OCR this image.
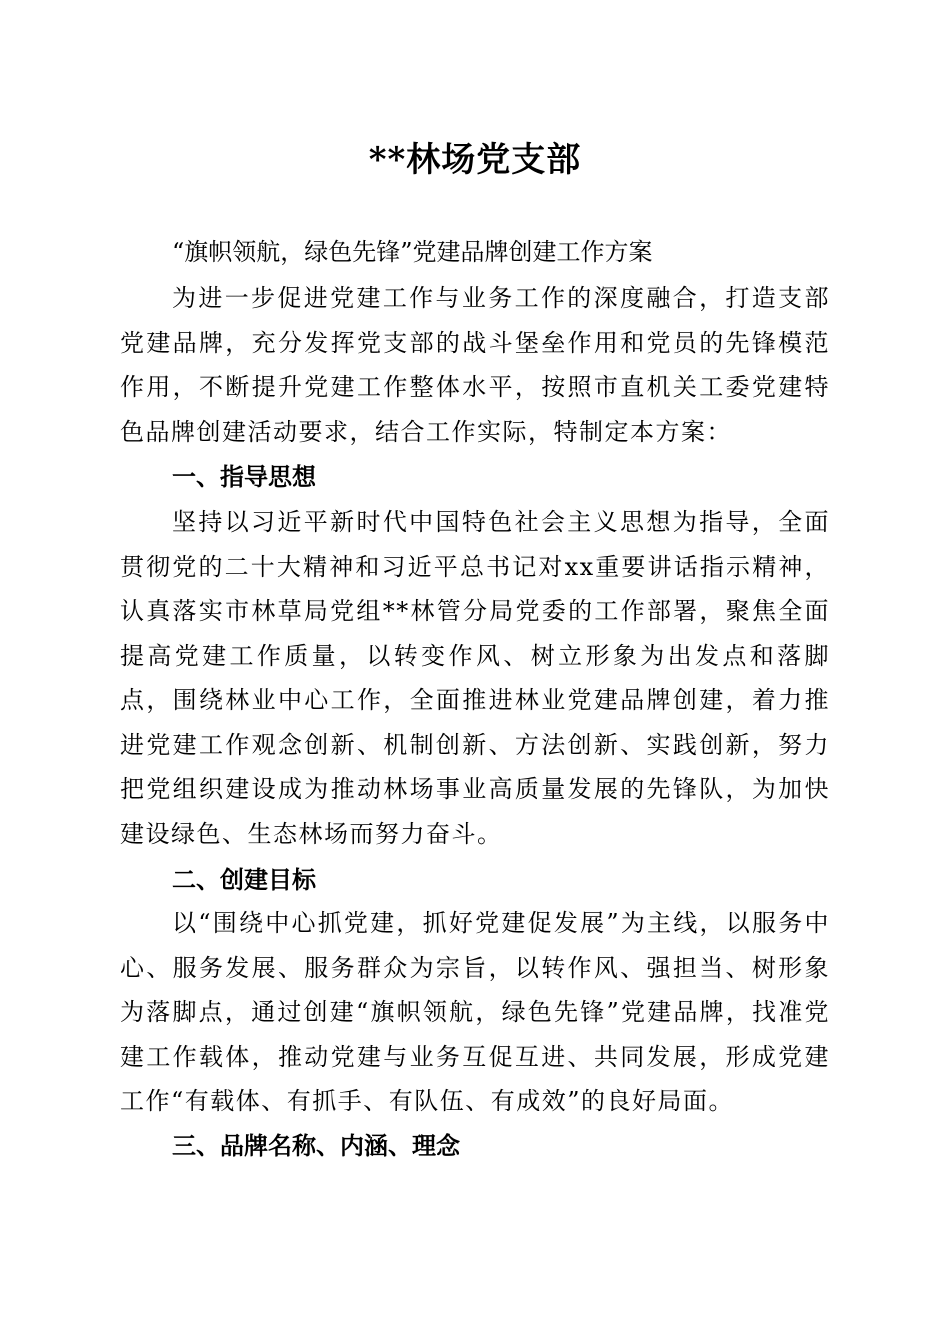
**林场党支部
“旗帜领航，绿色先锋”党建品牌创建工作方案
为进一步促进党建工作与业务工作的深度融合，打造支部党建品牌，充分发挥党支部的战斗堡垒作用和党员的先锋模范作用，不断提升党建工作整体水平，按照市直机关工委党建特色品牌创建活动要求，结合工作实际，特制定本方案：
一、指导思想
坚持以习近平新时代中国特色社会主义思想为指导，全面贯彻党的二十大精神和习近平总书记对xx重要讲话指示精神，认真落实市林草局党组**林管分局党委的工作部署，聚焦全面提高党建工作质量，以转变作风、树立形象为出发点和落脚点，围绕林业中心工作，全面推进林业党建品牌创建，着力推进党建工作观念创新、机制创新、方法创新、实践创新，努力把党组织建设成为推动林场事业高质量发展的先锋队，为加快建设绿色、生态林场而努力奋斗。
二、创建目标
以“围绕中心抓党建，抓好党建促发展”为主线，以服务中心、服务发展、服务群众为宗旨，以转作风、强担当、树形象为落脚点，通过创建“旗帜领航，绿色先锋”党建品牌，找准党建工作载体，推动党建与业务互促互进、共同发展，形成党建工作“有载体、有抓手、有队伍、有成效”的良好局面。
三、品牌名称、内涵、理念
